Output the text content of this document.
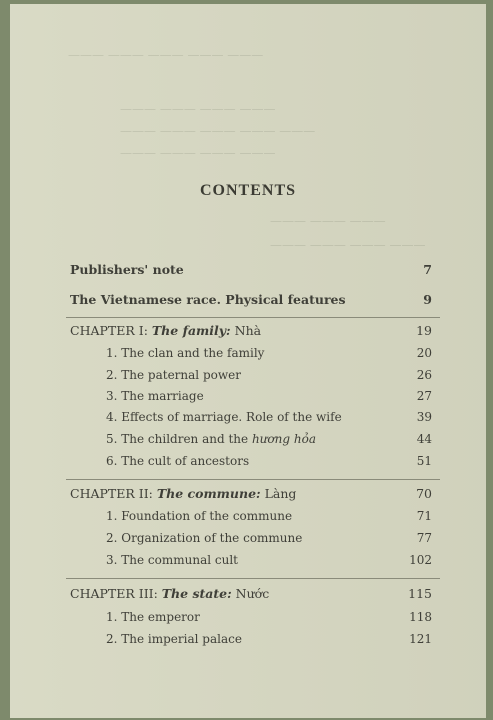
——— ——— ——— ——— ———
——— ——— ——— ———
——— ——— ——— ——— ———
——— ——— ——— ———
——— ——— ———
——— ——— ——— ———
CONTENTS
Publishers' note	7
The Vietnamese race. Physical features	9
CHAPTER I: The family: Nhà	19
1. The clan and the family	20
2. The paternal power	26
3. The marriage	27
4. Effects of marriage. Role of the wife	39
5. The children and the hương hỏa	44
6. The cult of ancestors	51
CHAPTER II: The commune: Làng	70
1. Foundation of the commune	71
2. Organization of the commune	77
3. The communal cult	102
CHAPTER III: The state: Nước	115
1. The emperor	118
2. The imperial palace	121
